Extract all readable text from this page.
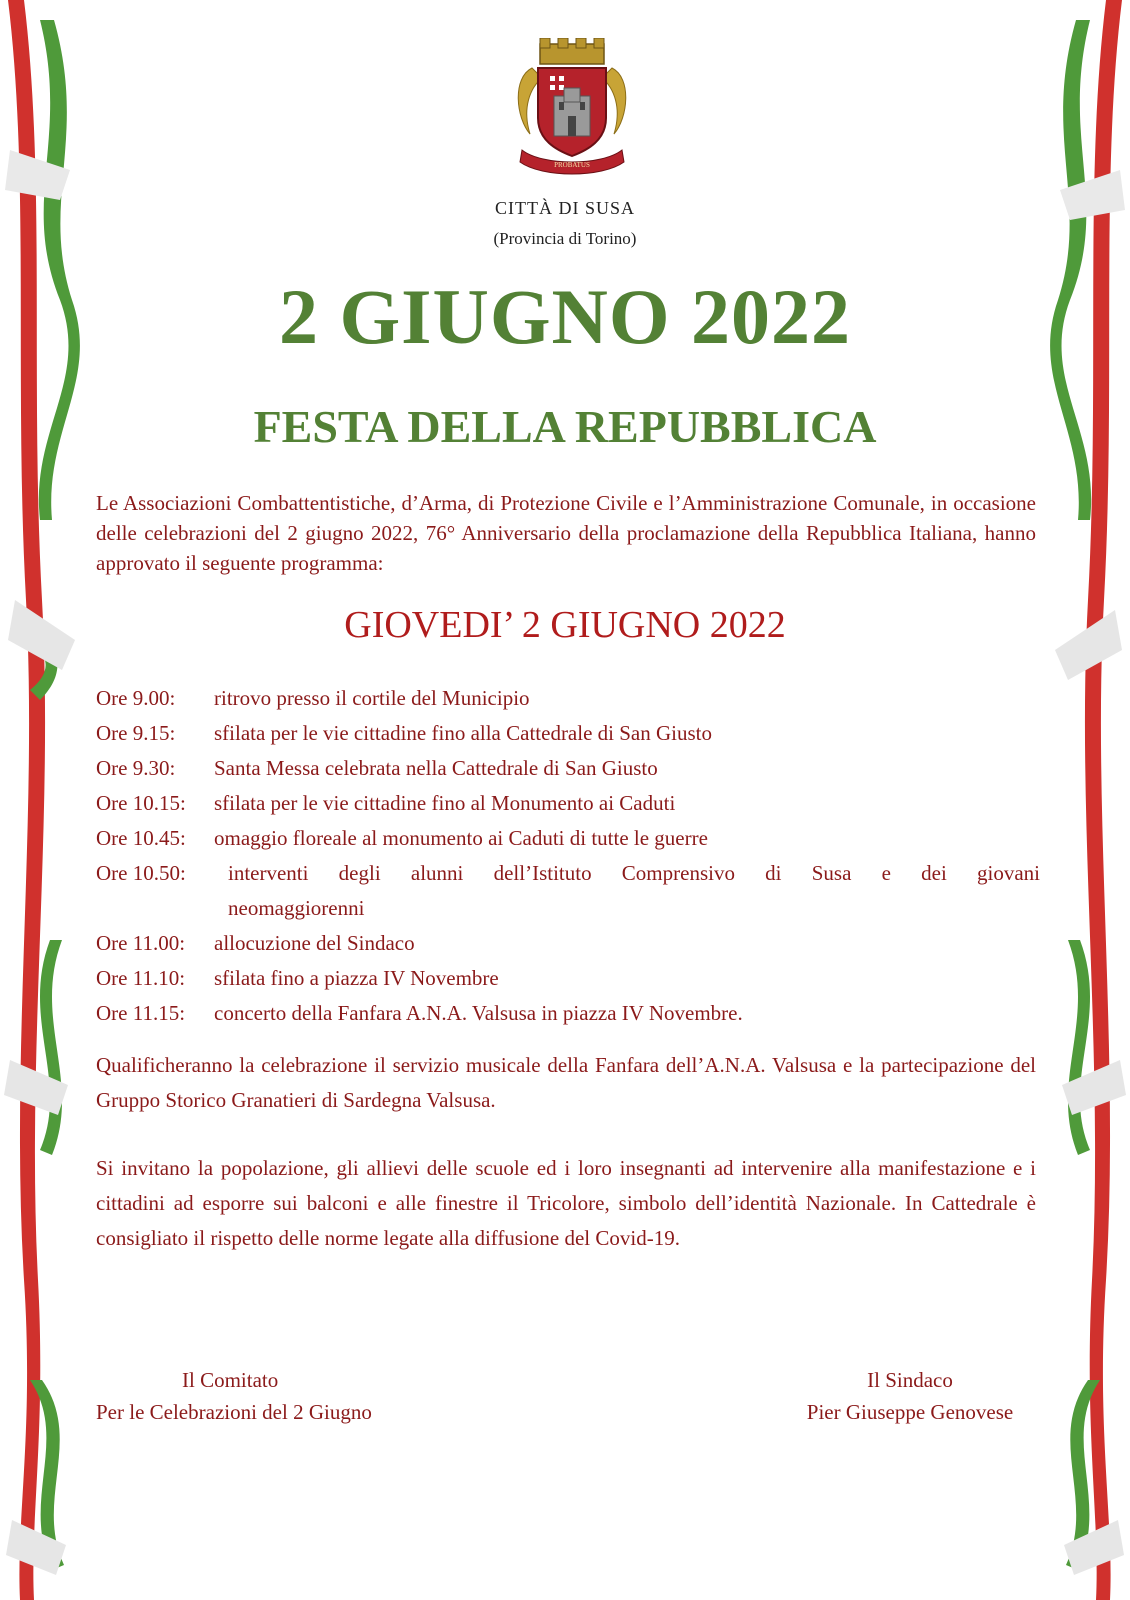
PROBATUS
CITTÀ DI SUSA
(Provincia di Torino)
2 GIUGNO 2022
FESTA DELLA REPUBBLICA
Le Associazioni Combattentistiche, d’Arma, di Protezione Civile e l’Amministrazione Comunale, in occasione delle celebrazioni del 2 giugno 2022, 76° Anniversario della proclamazione della Repubblica Italiana, hanno approvato il seguente programma:
GIOVEDI’ 2 GIUGNO 2022
Ore 9.00:	ritrovo presso il cortile del Municipio
Ore 9.15:	sfilata per le vie cittadine fino alla Cattedrale di San Giusto
Ore 9.30:	Santa Messa celebrata nella Cattedrale di San Giusto
Ore 10.15:	sfilata per le vie cittadine fino al Monumento ai Caduti
Ore 10.45:	omaggio floreale al monumento ai Caduti di tutte le guerre
Ore 10.50:	interventi degli alunni dell’Istituto Comprensivo di Susa e dei giovani
neomaggiorenni
Ore 11.00:	allocuzione del Sindaco
Ore 11.10:	sfilata fino a piazza IV Novembre
Ore 11.15:	concerto della Fanfara A.N.A. Valsusa in piazza IV Novembre.
Qualificheranno la celebrazione il servizio musicale della Fanfara dell’A.N.A. Valsusa e la partecipazione del Gruppo Storico Granatieri di Sardegna Valsusa.
Si invitano la popolazione, gli allievi delle scuole ed i loro insegnanti ad intervenire alla manifestazione e i cittadini ad esporre sui balconi e alle finestre il Tricolore, simbolo dell’identità Nazionale. In Cattedrale è consigliato il rispetto delle norme legate alla diffusione del Covid-19.
Il Comitato
Per le Celebrazioni del 2 Giugno
Il Sindaco
Pier Giuseppe Genovese
